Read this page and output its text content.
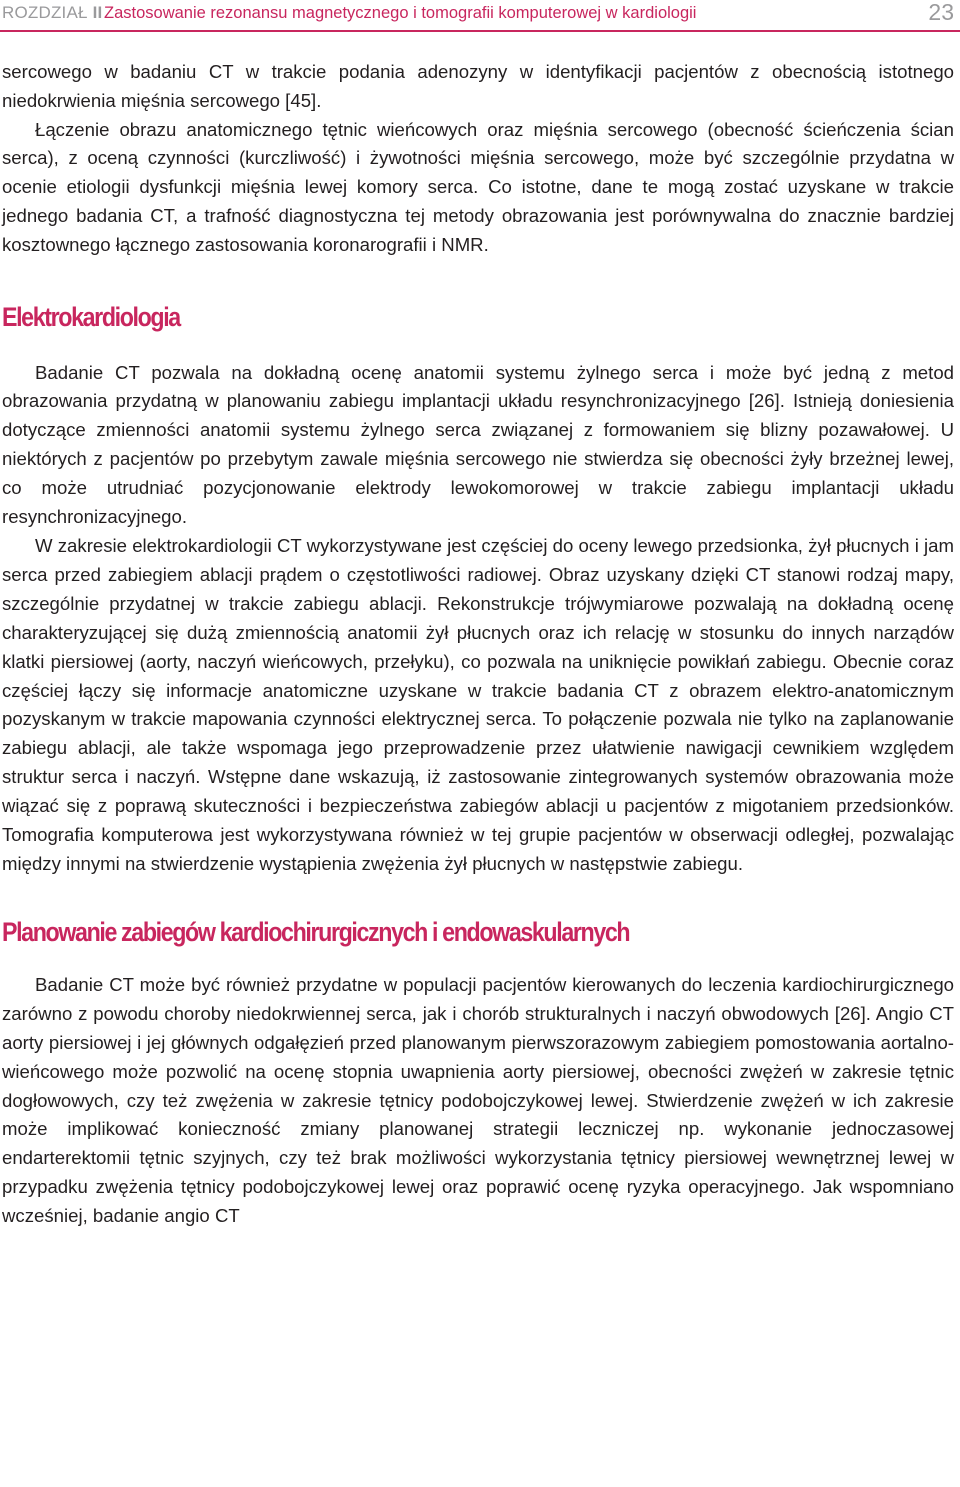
ROZDZIAŁ II Zastosowanie rezonansu magnetycznego i tomografii komputerowej w kardiologii	23

sercowego w badaniu CT w trakcie podania adenozyny w identyfikacji pacjentów z obecnością istotnego niedokrwienia mięśnia sercowego [45].

Łączenie obrazu anatomicznego tętnic wieńcowych oraz mięśnia sercowego (obecność ścieńczenia ścian serca), z oceną czynności (kurczliwość) i żywotności mięśnia sercowego, może być szczególnie przydatna w ocenie etiologii dysfunkcji mięśnia lewej komory serca. Co istotne, dane te mogą zostać uzyskane w trakcie jednego badania CT, a trafność diagnostyczna tej metody obrazowania jest porównywalna do znacznie bardziej kosztownego łącznego zastosowania koronarografii i NMR.

Elektrokardiologia

Badanie CT pozwala na dokładną ocenę anatomii systemu żylnego serca i może być jedną z metod obrazowania przydatną w planowaniu zabiegu implantacji układu resynchronizacyjnego [26]. Istnieją doniesienia dotyczące zmienności anatomii systemu żylnego serca związanej z formowaniem się blizny pozawałowej. U niektórych z pacjentów po przebytym zawale mięśnia sercowego nie stwierdza się obecności żyły brzeżnej lewej, co może utrudniać pozycjonowanie elektrody lewokomorowej w trakcie zabiegu implantacji układu resynchronizacyjnego.

W zakresie elektrokardiologii CT wykorzystywane jest częściej do oceny lewego przedsionka, żył płucnych i jam serca przed zabiegiem ablacji prądem o częstotliwości radiowej. Obraz uzyskany dzięki CT stanowi rodzaj mapy, szczególnie przydatnej w trakcie zabiegu ablacji. Rekonstrukcje trójwymiarowe pozwalają na dokładną ocenę charakteryzującej się dużą zmiennością anatomii żył płucnych oraz ich relację w stosunku do innych narządów klatki piersiowej (aorty, naczyń wieńcowych, przełyku), co pozwala na uniknięcie powikłań zabiegu. Obecnie coraz częściej łączy się informacje anatomiczne uzyskane w trakcie badania CT z obrazem elektro-anatomicznym pozyskanym w trakcie mapowania czynności elektrycznej serca. To połączenie pozwala nie tylko na zaplanowanie zabiegu ablacji, ale także wspomaga jego przeprowadzenie przez ułatwienie nawigacji cewnikiem względem struktur serca i naczyń. Wstępne dane wskazują, iż zastosowanie zintegrowanych systemów obrazowania może wiązać się z poprawą skuteczności i bezpieczeństwa zabiegów ablacji u pacjentów z migotaniem przedsionków. Tomografia komputerowa jest wykorzystywana również w tej grupie pacjentów w obserwacji odległej, pozwalając między innymi na stwierdzenie wystąpienia zwężenia żył płucnych w następstwie zabiegu.

Planowanie zabiegów kardiochirurgicznych i endowaskularnych

Badanie CT może być również przydatne w populacji pacjentów kierowanych do leczenia kardiochirurgicznego zarówno z powodu choroby niedokrwiennej serca, jak i chorób strukturalnych i naczyń obwodowych [26]. Angio CT aorty piersiowej i jej głównych odgałęzień przed planowanym pierwszorazowym zabiegiem pomostowania aortalno-wieńcowego może pozwolić na ocenę stopnia uwapnienia aorty piersiowej, obecności zwężeń w zakresie tętnic dogłowowych, czy też zwężenia w zakresie tętnicy podobojczykowej lewej. Stwierdzenie zwężeń w ich zakresie może implikować konieczność zmiany planowanej strategii leczniczej np. wykonanie jednoczasowej endarterektomii tętnic szyjnych, czy też brak możliwości wykorzystania tętnicy piersiowej wewnętrznej lewej w przypadku zwężenia tętnicy podobojczykowej lewej oraz poprawić ocenę ryzyka operacyjnego. Jak wspomniano wcześniej, badanie angio CT
